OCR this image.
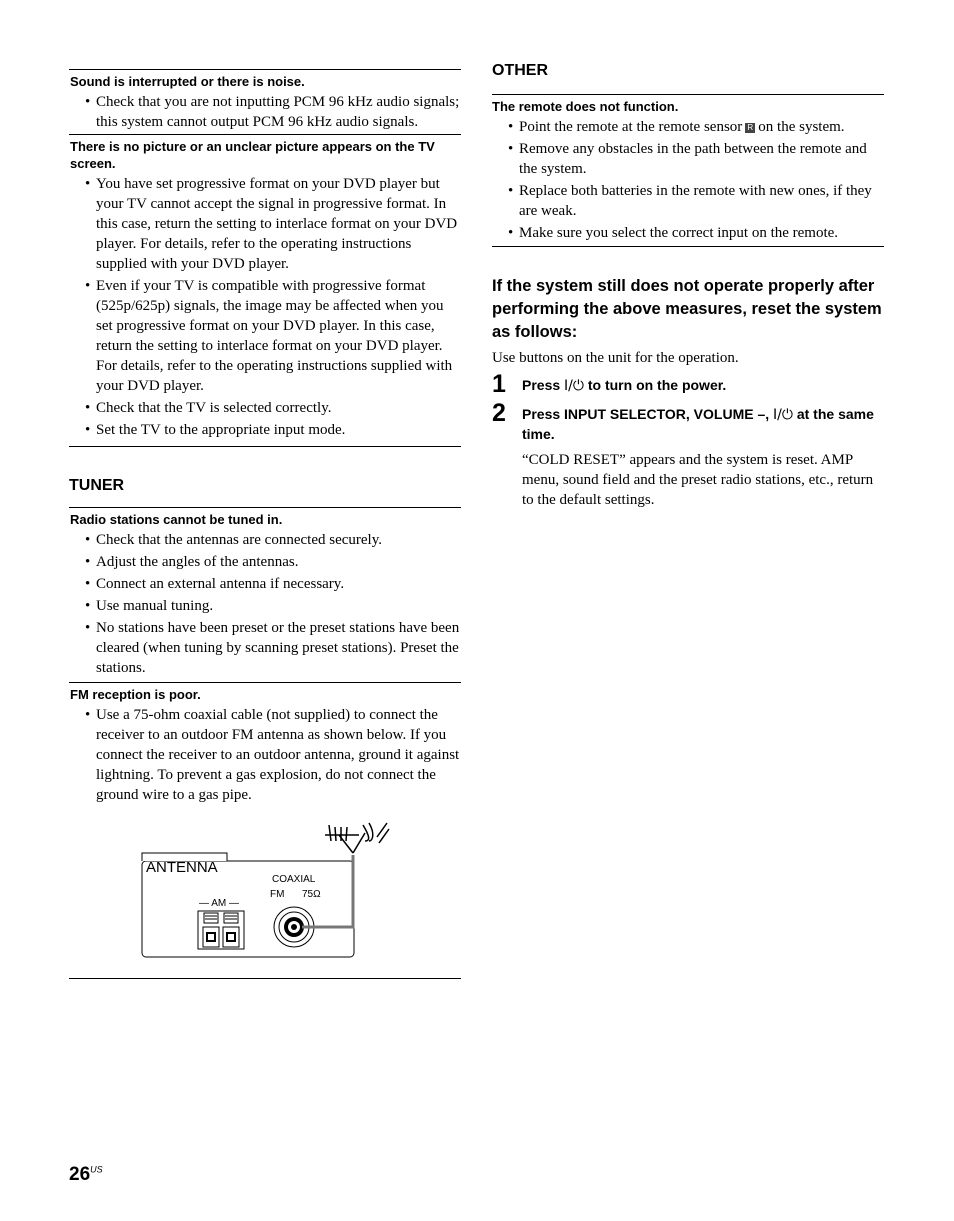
Sound is interrupted or there is noise.
• Check that you are not inputting PCM 96 kHz audio signals; this system cannot output PCM 96 kHz audio signals.
There is no picture or an unclear picture appears on the TV screen.
• You have set progressive format on your DVD player but your TV cannot accept the signal in progressive format. In this case, return the setting to interlace format on your DVD player. For details, refer to the operating instructions supplied with your DVD player.
• Even if your TV is compatible with progressive format (525p/625p) signals, the image may be affected when you set progressive format on your DVD player. In this case, return the setting to interlace format on your DVD player. For details, refer to the operating instructions supplied with your DVD player.
• Check that the TV is selected correctly.
• Set the TV to the appropriate input mode.
TUNER
Radio stations cannot be tuned in.
• Check that the antennas are connected securely.
• Adjust the angles of the antennas.
• Connect an external antenna if necessary.
• Use manual tuning.
• No stations have been preset or the preset stations have been cleared (when tuning by scanning preset stations). Preset the stations.
FM reception is poor.
• Use a 75-ohm coaxial cable (not supplied) to connect the receiver to an outdoor FM antenna as shown below. If you connect the receiver to an outdoor antenna, ground it against lightning. To prevent a gas explosion, do not connect the ground wire to a gas pipe.
ANTENNA
— AM —
COAXIAL
FM 75Ω
OTHER
The remote does not function.
• Point the remote at the remote sensor R on the system.
• Remove any obstacles in the path between the remote and the system.
• Replace both batteries in the remote with new ones, if they are weak.
• Make sure you select the correct input on the remote.
If the system still does not operate properly after performing the above measures, reset the system as follows:
Use buttons on the unit for the operation.
1 Press I/⏻ to turn on the power.
2 Press INPUT SELECTOR, VOLUME –, I/⏻ at the same time.
“COLD RESET” appears and the system is reset. AMP menu, sound field and the preset radio stations, etc., return to the default settings.
$26^{US}$
